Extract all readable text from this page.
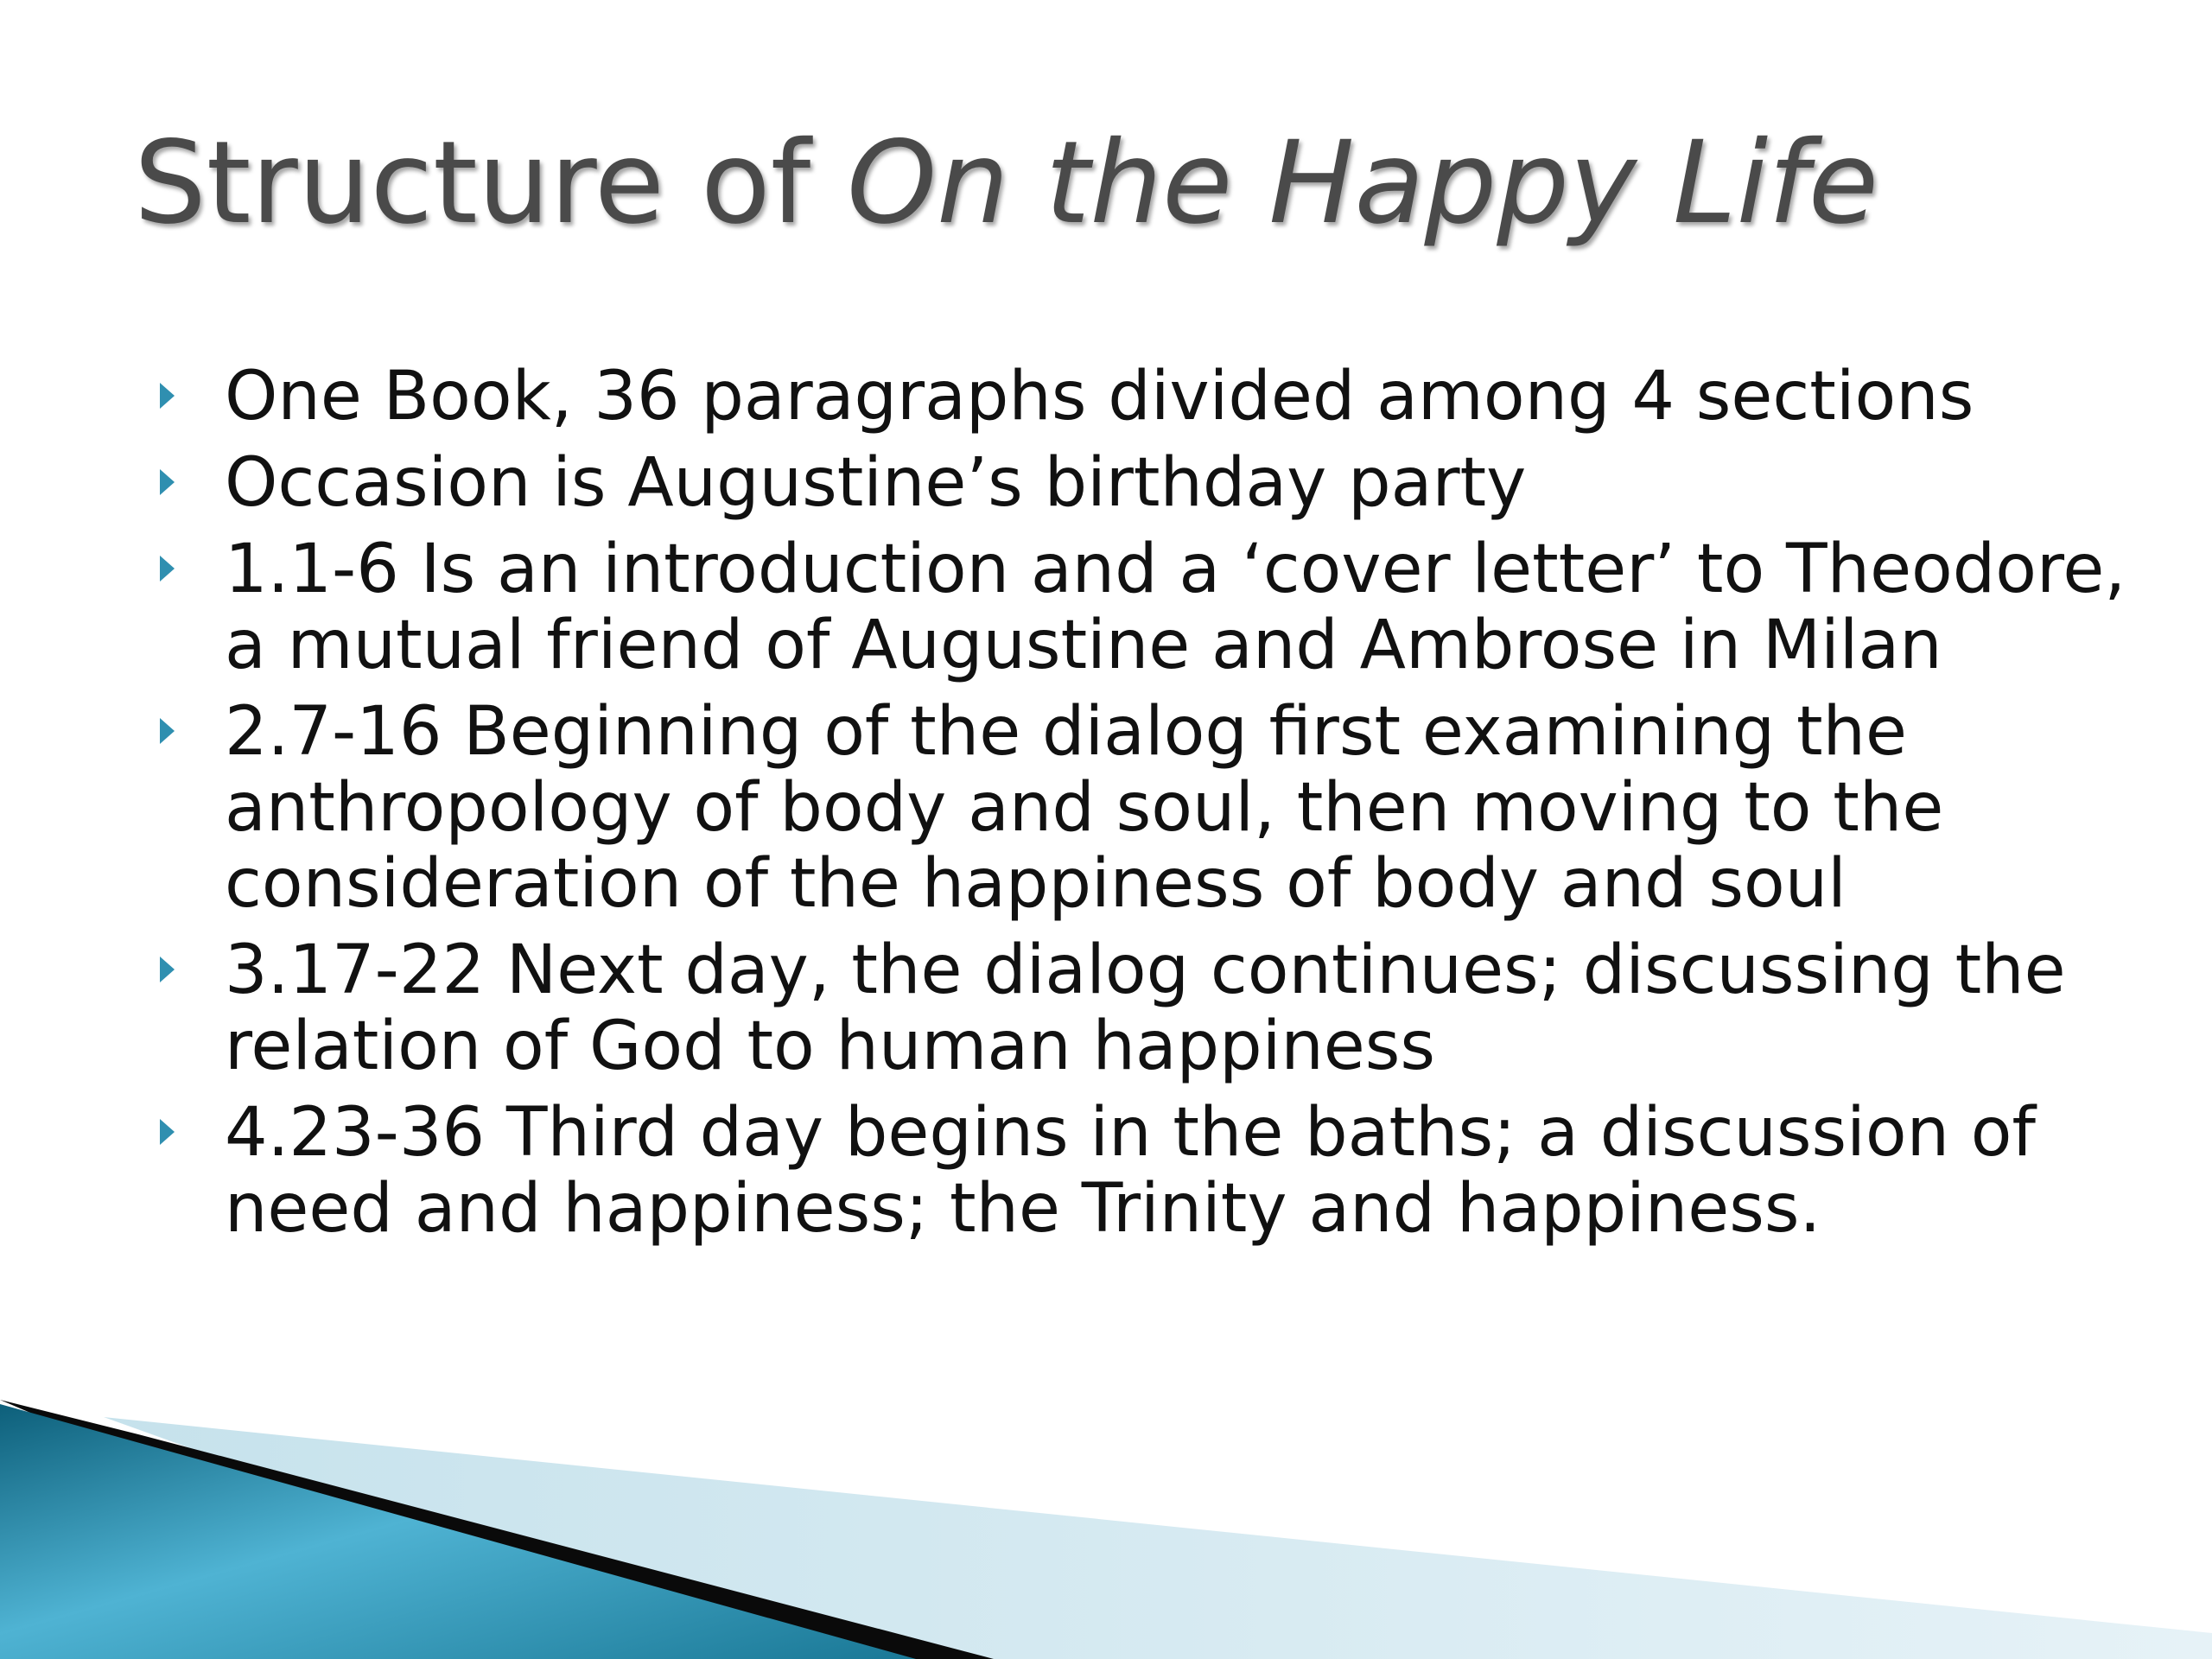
Structure of On the Happy Life
One Book, 36 paragraphs divided among 4 sections
Occasion is Augustine’s birthday party
1.1-6 Is an introduction and a ‘cover letter’ to Theodore, a mutual friend of Augustine and Ambrose in Milan
2.7-16 Beginning of the dialog first examining the anthropology of body and soul, then moving to the consideration of the happiness of body and soul
3.17-22 Next day, the dialog continues; discussing the relation of God to human happiness
4.23-36 Third day begins in the baths; a discussion of need and happiness; the Trinity and happiness.
